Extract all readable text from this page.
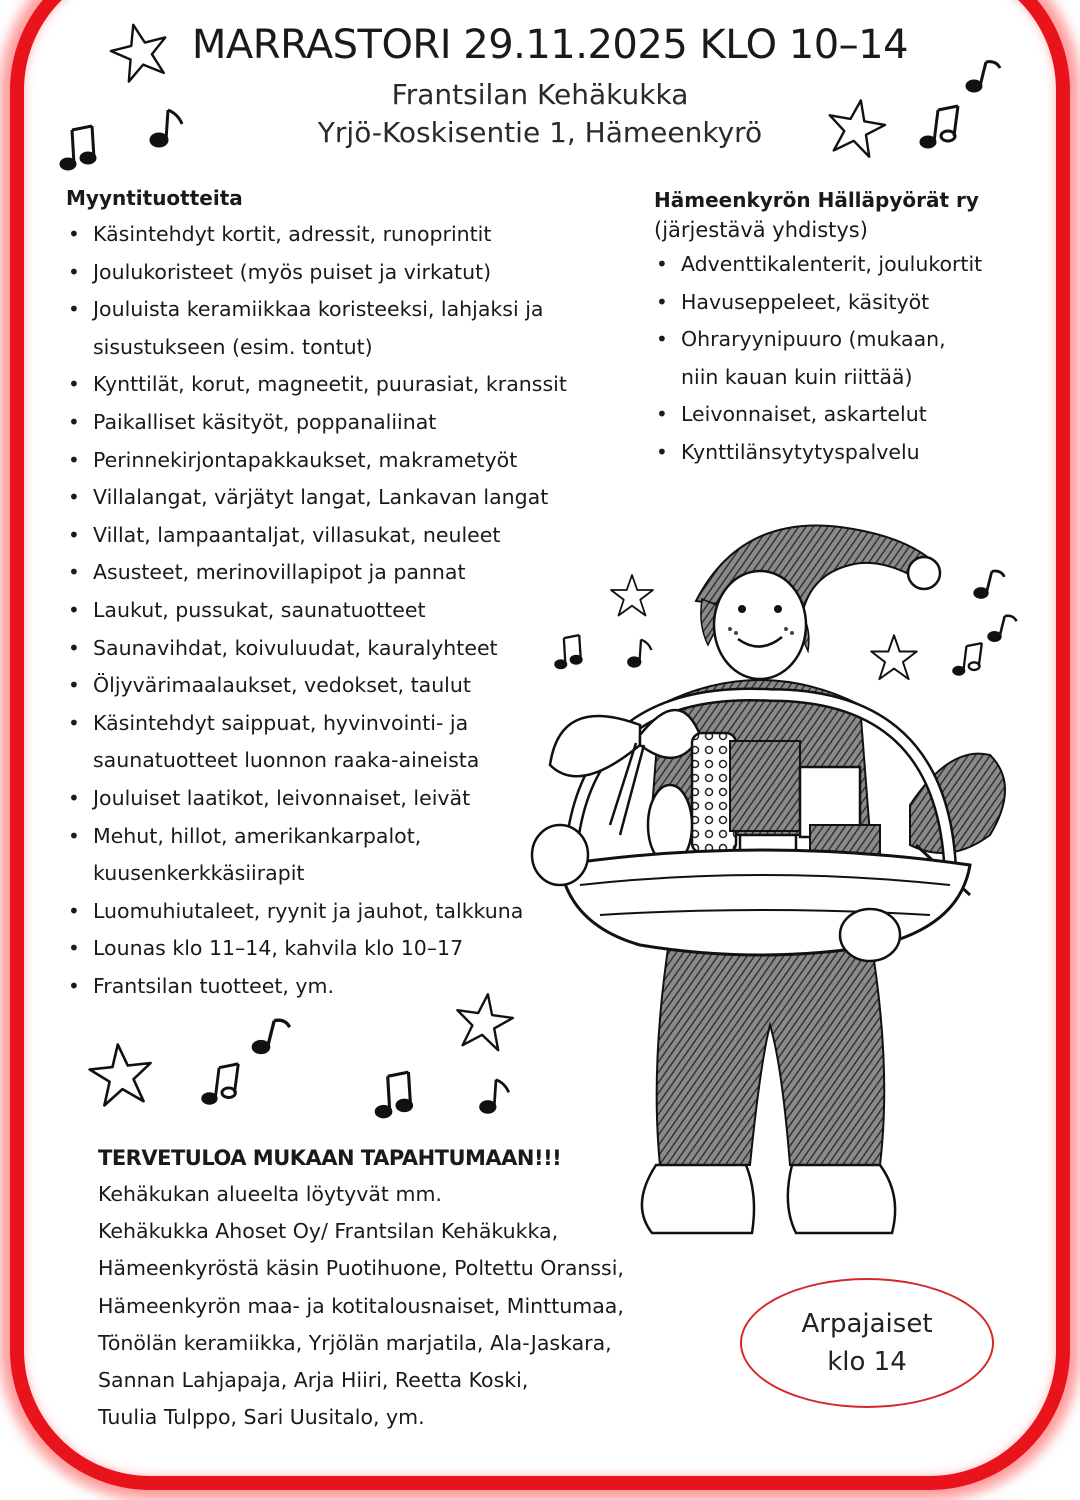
MARRASTORI 29.11.2025 KLO 10–14

Frantsilan Kehäkukka

Yrjö-Koskisentie 1, Hämeenkyrö

Myyntituotteita

• Käsintehdyt kortit, adressit, runoprintit
• Joulukoristeet (myös puiset ja virkatut)
• Jouluista keramiikkaa koristeeksi, lahjaksi ja sisustukseen (esim. tontut)
• Kynttilät, korut, magneetit, puurasiat, kranssit
• Paikalliset käsityöt, poppanaliinat
• Perinnekirjontapakkaukset, makrametyöt
• Villalangat, värjätyt langat, Lankavan langat
• Villat, lampaantaljat, villasukat, neuleet
• Asusteet, merinovillapipot ja pannat
• Laukut, pussukat, saunatuotteet
• Saunavihdat, koivuluudat, kauralyhteet
• Öljyvärimaalaukset, vedokset, taulut
• Käsintehdyt saippuat, hyvinvointi- ja saunatuotteet luonnon raaka-aineista
• Jouluiset laatikot, leivonnaiset, leivät
• Mehut, hillot, amerikankarpalot, kuusenkerkkäsiirapit
• Luomuhiutaleet, ryynit ja jauhot, talkkuna
• Lounas klo 11–14, kahvila klo 10–17
• Frantsilan tuotteet, ym.

Hämeenkyrön Hälläpyörät ry

(järjestävä yhdistys)

• Adventtikalenterit, joulukortit
• Havuseppeleet, käsityöt
• Ohraryynipuuro (mukaan, niin kauan kuin riittää)
• Leivonnaiset, askartelut
• Kynttilänsytytyspalvelu

TERVETULOA MUKAAN TAPAHTUMAAN!!!

Kehäkukan alueelta löytyvät mm.

Kehäkukka Ahoset Oy/ Frantsilan Kehäkukka,

Hämeenkyröstä käsin Puotihuone, Poltettu Oranssi,

Hämeenkyrön maa- ja kotitalousnaiset, Minttumaa,

Tönölän keramiikka, Yrjölän marjatila, Ala-Jaskara,

Sannan Lahjapaja, Arja Hiiri, Reetta Koski,

Tuulia Tulppo, Sari Uusitalo, ym.

Arpajaiset
klo 14
